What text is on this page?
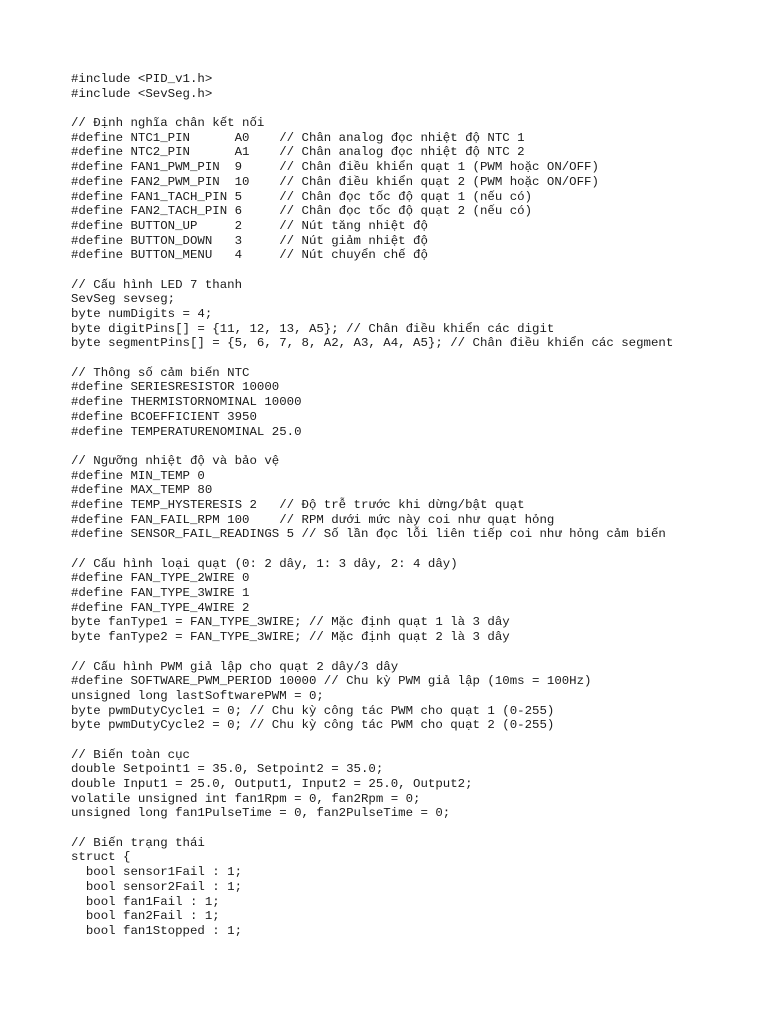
#include <PID_v1.h>
#include <SevSeg.h>
// Định nghĩa chân kết nối
#define NTC1_PIN      A0    // Chân analog đọc nhiệt độ NTC 1
#define NTC2_PIN      A1    // Chân analog đọc nhiệt độ NTC 2
#define FAN1_PWM_PIN  9     // Chân điều khiển quạt 1 (PWM hoặc ON/OFF)
#define FAN2_PWM_PIN  10    // Chân điều khiển quạt 2 (PWM hoặc ON/OFF)
#define FAN1_TACH_PIN 5     // Chân đọc tốc độ quạt 1 (nếu có)
#define FAN2_TACH_PIN 6     // Chân đọc tốc độ quạt 2 (nếu có)
#define BUTTON_UP     2     // Nút tăng nhiệt độ
#define BUTTON_DOWN   3     // Nút giảm nhiệt độ
#define BUTTON_MENU   4     // Nút chuyển chế độ
// Cấu hình LED 7 thanh
SevSeg sevseg;
byte numDigits = 4;
byte digitPins[] = {11, 12, 13, A5}; // Chân điều khiển các digit
byte segmentPins[] = {5, 6, 7, 8, A2, A3, A4, A5}; // Chân điều khiển các segment
// Thông số cảm biến NTC
#define SERIESRESISTOR 10000
#define THERMISTORNOMINAL 10000
#define BCOEFFICIENT 3950
#define TEMPERATURENOMINAL 25.0
// Ngưỡng nhiệt độ và bảo vệ
#define MIN_TEMP 0
#define MAX_TEMP 80
#define TEMP_HYSTERESIS 2   // Độ trễ trước khi dừng/bật quạt
#define FAN_FAIL_RPM 100    // RPM dưới mức này coi như quạt hỏng
#define SENSOR_FAIL_READINGS 5 // Số lần đọc lỗi liên tiếp coi như hỏng cảm biến
// Cấu hình loại quạt (0: 2 dây, 1: 3 dây, 2: 4 dây)
#define FAN_TYPE_2WIRE 0
#define FAN_TYPE_3WIRE 1
#define FAN_TYPE_4WIRE 2
byte fanType1 = FAN_TYPE_3WIRE; // Mặc định quạt 1 là 3 dây
byte fanType2 = FAN_TYPE_3WIRE; // Mặc định quạt 2 là 3 dây
// Cấu hình PWM giả lập cho quạt 2 dây/3 dây
#define SOFTWARE_PWM_PERIOD 10000 // Chu kỳ PWM giả lập (10ms = 100Hz)
unsigned long lastSoftwarePWM = 0;
byte pwmDutyCycle1 = 0; // Chu kỳ công tác PWM cho quạt 1 (0-255)
byte pwmDutyCycle2 = 0; // Chu kỳ công tác PWM cho quạt 2 (0-255)
// Biến toàn cục
double Setpoint1 = 35.0, Setpoint2 = 35.0;
double Input1 = 25.0, Output1, Input2 = 25.0, Output2;
volatile unsigned int fan1Rpm = 0, fan2Rpm = 0;
unsigned long fan1PulseTime = 0, fan2PulseTime = 0;
// Biến trạng thái
struct {
bool sensor1Fail : 1;
bool sensor2Fail : 1;
bool fan1Fail : 1;
bool fan2Fail : 1;
bool fan1Stopped : 1;
